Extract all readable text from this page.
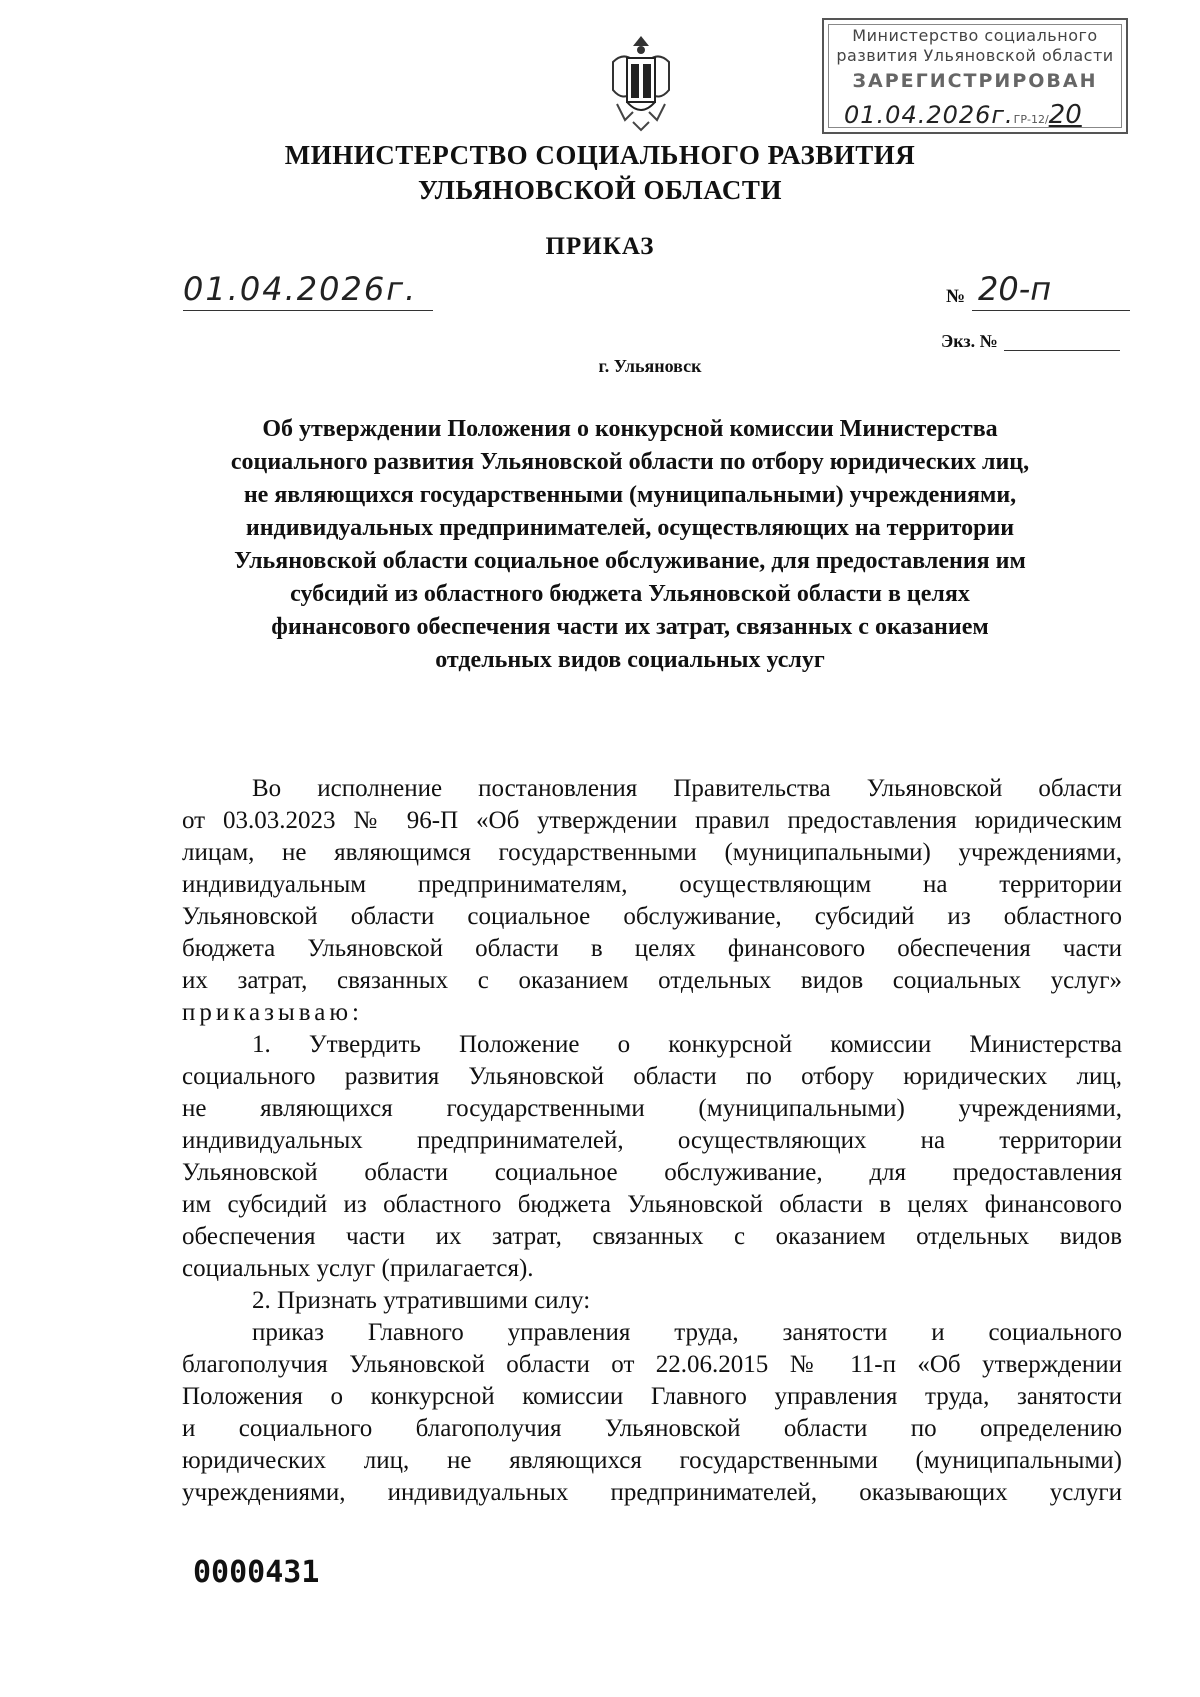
Министерство социального
развития Ульяновской области
ЗАРЕГИСТРИРОВАН
01.04.2026г.ГР-12/20
МИНИСТЕРСТВО СОЦИАЛЬНОГО РАЗВИТИЯ
УЛЬЯНОВСКОЙ ОБЛАСТИ
ПРИКАЗ
01.04.2026г.	№ 20-п
Экз. №
г. Ульяновск
Об утверждении Положения о конкурсной комиссии Министерства
социального развития Ульяновской области по отбору юридических лиц,
не являющихся государственными (муниципальными) учреждениями,
индивидуальных предпринимателей, осуществляющих на территории
Ульяновской области социальное обслуживание, для предоставления им
субсидий из областного бюджета Ульяновской области в целях
финансового обеспечения части их затрат, связанных с оказанием
отдельных видов социальных услуг
Во исполнение постановления Правительства Ульяновской области
от 03.03.2023 № 96-П «Об утверждении правил предоставления юридическим
лицам, не являющимся государственными (муниципальными) учреждениями,
индивидуальным предпринимателям, осуществляющим на территории
Ульяновской области социальное обслуживание, субсидий из областного
бюджета Ульяновской области в целях финансового обеспечения части
их затрат, связанных с оказанием отдельных видов социальных услуг»
приказываю:
1. Утвердить Положение о конкурсной комиссии Министерства
социального развития Ульяновской области по отбору юридических лиц,
не являющихся государственными (муниципальными) учреждениями,
индивидуальных предпринимателей, осуществляющих на территории
Ульяновской области социальное обслуживание, для предоставления
им субсидий из областного бюджета Ульяновской области в целях финансового
обеспечения части их затрат, связанных с оказанием отдельных видов
социальных услуг (прилагается).
2. Признать утратившими силу:
приказ Главного управления труда, занятости и социального
благополучия Ульяновской области от 22.06.2015 № 11-п «Об утверждении
Положения о конкурсной комиссии Главного управления труда, занятости
и социального благополучия Ульяновской области по определению
юридических лиц, не являющихся государственными (муниципальными)
учреждениями, индивидуальных предпринимателей, оказывающих услуги
0000431
